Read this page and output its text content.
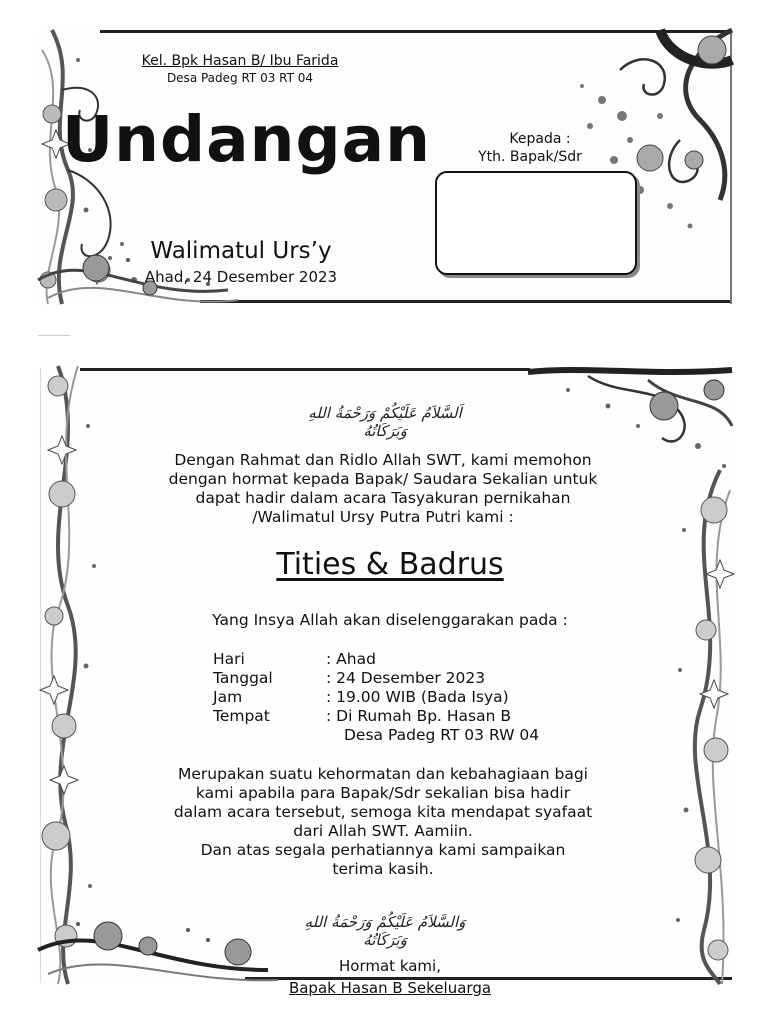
Kel. Bpk Hasan B/ Ibu Farida
Desa Padeg RT 03 RT 04
Undangan
Walimatul Urs’y
Ahad, 24 Desember 2023
Kepada :
Yth. Bapak/Sdr
اَلسَّلاَمُ عَلَيْكُمْ وَرَحْمَةُ اللهِ وَبَرَكَاتُهُ
Dengan Rahmat dan Ridlo Allah SWT, kami memohon
dengan hormat kepada Bapak/ Saudara Sekalian untuk
dapat hadir dalam acara Tasyakuran pernikahan
/Walimatul Ursy Putra Putri kami :
Tities & Badrus
Yang Insya Allah akan diselenggarakan pada :
Hari	: Ahad
Tanggal	: 24 Desember 2023
Jam	: 19.00 WIB (Bada Isya)
Tempat	: Di Rumah Bp. Hasan B
Desa Padeg RT 03 RW 04
Merupakan suatu kehormatan dan kebahagiaan bagi
kami apabila para Bapak/Sdr sekalian bisa hadir
dalam acara tersebut, semoga kita mendapat syafaat
dari Allah SWT. Aamiin.
Dan atas segala perhatiannya kami sampaikan
terima kasih.
وَالسَّلاَمُ عَلَيْكُمْ وَرَحْمَةُ اللهِ وَبَرَكَاتُهُ
Hormat kami,
Bapak Hasan B Sekeluarga
